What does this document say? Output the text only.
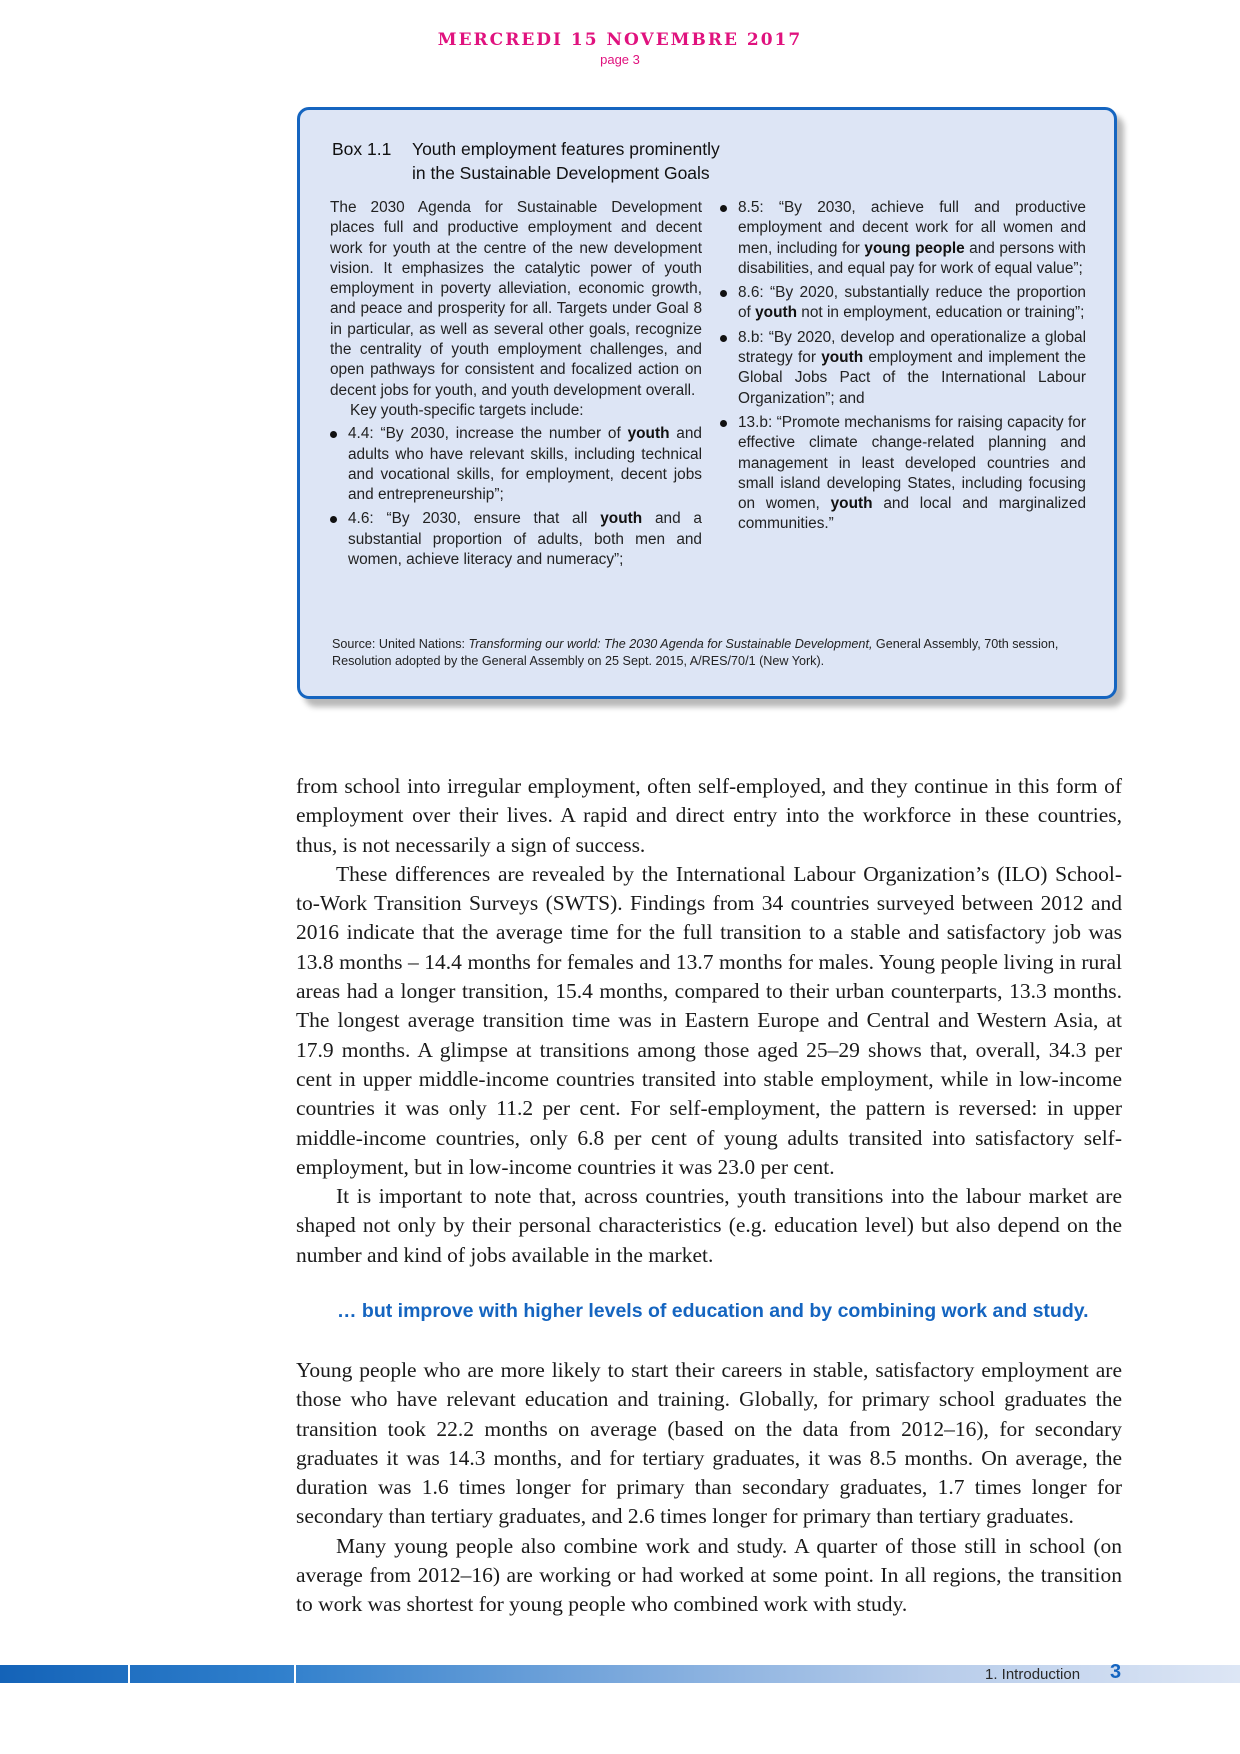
MERCREDI 15 NOVEMBRE 2017
page 3
Box 1.1 Youth employment features prominently
in the Sustainable Development Goals

The 2030 Agenda for Sustainable Development places full and productive employment and decent work for youth at the centre of the new development vision. It emphasizes the catalytic power of youth employment in poverty alleviation, economic growth, and peace and prosperity for all. Targets under Goal 8 in particular, as well as several other goals, recognize the centrality of youth employment challenges, and open pathways for consistent and focalized action on decent jobs for youth, and youth development overall.

Key youth-specific targets include:

4.4: “By 2030, increase the number of youth and adults who have relevant skills, including technical and vocational skills, for employment, decent jobs and entrepreneurship”;
4.6: “By 2030, ensure that all youth and a substantial proportion of adults, both men and women, achieve literacy and numeracy”;
8.5: “By 2030, achieve full and productive employment and decent work for all women and men, including for young people and persons with disabilities, and equal pay for work of equal value”;
8.6: “By 2020, substantially reduce the proportion of youth not in employment, education or training”;
8.b: “By 2020, develop and operationalize a global strategy for youth employment and implement the Global Jobs Pact of the International Labour Organization”; and
13.b: “Promote mechanisms for raising capacity for effective climate change-related planning and management in least developed countries and small island developing States, including focusing on women, youth and local and marginalized communities.”
Source: United Nations: Transforming our world: The 2030 Agenda for Sustainable Development, General Assembly, 70th session, Resolution adopted by the General Assembly on 25 Sept. 2015, A/RES/70/1 (New York).

from school into irregular employment, often self-employed, and they continue in this form of employment over their lives. A rapid and direct entry into the workforce in these countries, thus, is not necessarily a sign of success.

These differences are revealed by the International Labour Organization’s (ILO) School-to-Work Transition Surveys (SWTS). Findings from 34 countries surveyed between 2012 and 2016 indicate that the average time for the full transition to a stable and satisfactory job was 13.8 months – 14.4 months for females and 13.7 months for males. Young people living in rural areas had a longer transition, 15.4 months, compared to their urban counterparts, 13.3 months. The longest average transition time was in Eastern Europe and Central and Western Asia, at 17.9 months. A glimpse at transitions among those aged 25–29 shows that, overall, 34.3 per cent in upper middle-income countries transited into stable employment, while in low-income countries it was only 11.2 per cent. For self-employment, the pattern is reversed: in upper middle-income countries, only 6.8 per cent of young adults transited into satisfactory self-employment, but in low-income countries it was 23.0 per cent.

It is important to note that, across countries, youth transitions into the labour market are shaped not only by their personal characteristics (e.g. education level) but also depend on the number and kind of jobs available in the market.

… but improve with higher levels of education and by combining work and study.

Young people who are more likely to start their careers in stable, satisfactory employment are those who have relevant education and training. Globally, for primary school graduates the transition took 22.2 months on average (based on the data from 2012–16), for secondary graduates it was 14.3 months, and for tertiary graduates, it was 8.5 months. On average, the duration was 1.6 times longer for primary than secondary graduates, 1.7 times longer for secondary than tertiary graduates, and 2.6 times longer for primary than tertiary graduates.

Many young people also combine work and study. A quarter of those still in school (on average from 2012–16) are working or had worked at some point. In all regions, the transition to work was shortest for young people who combined work with study.

1. Introduction 3
